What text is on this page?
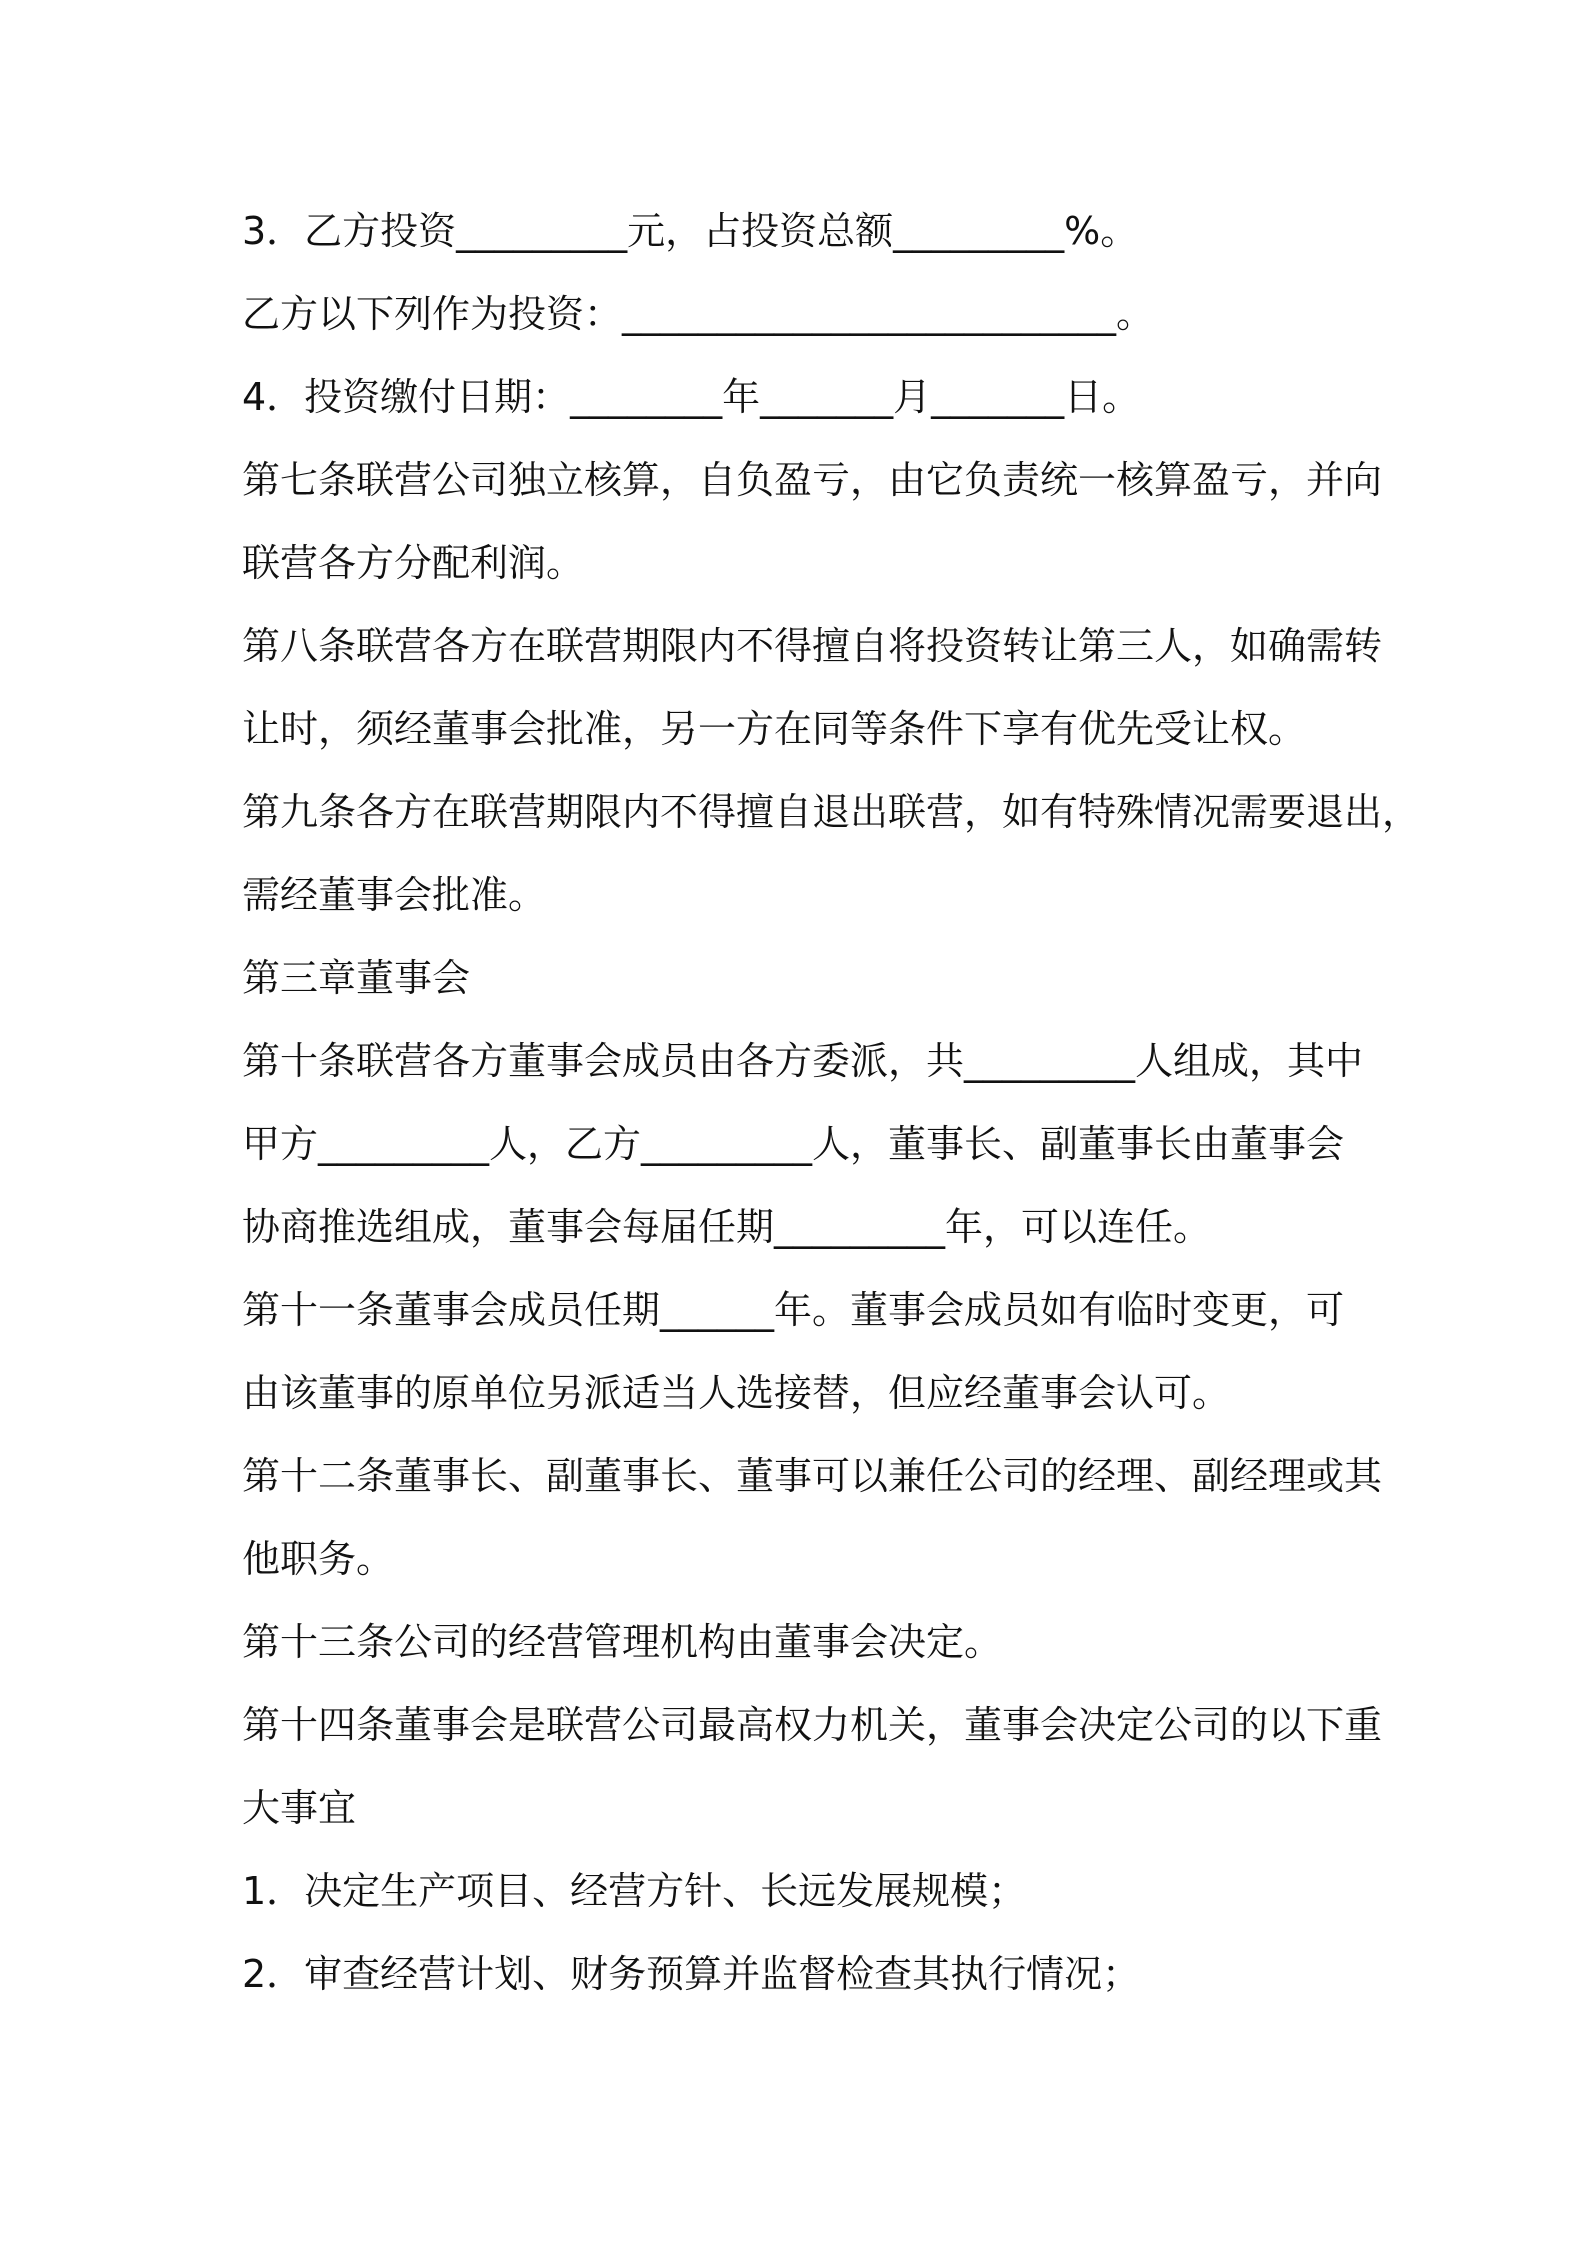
3．乙方投资_________元，占投资总额_________%。
乙方以下列作为投资：__________________________。
4．投资缴付日期：________年_______月_______日。
第七条联营公司独立核算，自负盈亏，由它负责统一核算盈亏，并向
联营各方分配利润。
第八条联营各方在联营期限内不得擅自将投资转让第三人，如确需转
让时，须经董事会批准，另一方在同等条件下享有优先受让权。
第九条各方在联营期限内不得擅自退出联营，如有特殊情况需要退出，
需经董事会批准。
第三章董事会
第十条联营各方董事会成员由各方委派，共_________人组成，其中
甲方_________人，乙方_________人，董事长、副董事长由董事会
协商推选组成，董事会每届任期_________年，可以连任。
第十一条董事会成员任期______年。董事会成员如有临时变更，可
由该董事的原单位另派适当人选接替，但应经董事会认可。
第十二条董事长、副董事长、董事可以兼任公司的经理、副经理或其
他职务。
第十三条公司的经营管理机构由董事会决定。
第十四条董事会是联营公司最高权力机关，董事会决定公司的以下重
大事宜
1．决定生产项目、经营方针、长远发展规模；
2．审查经营计划、财务预算并监督检查其执行情况；
